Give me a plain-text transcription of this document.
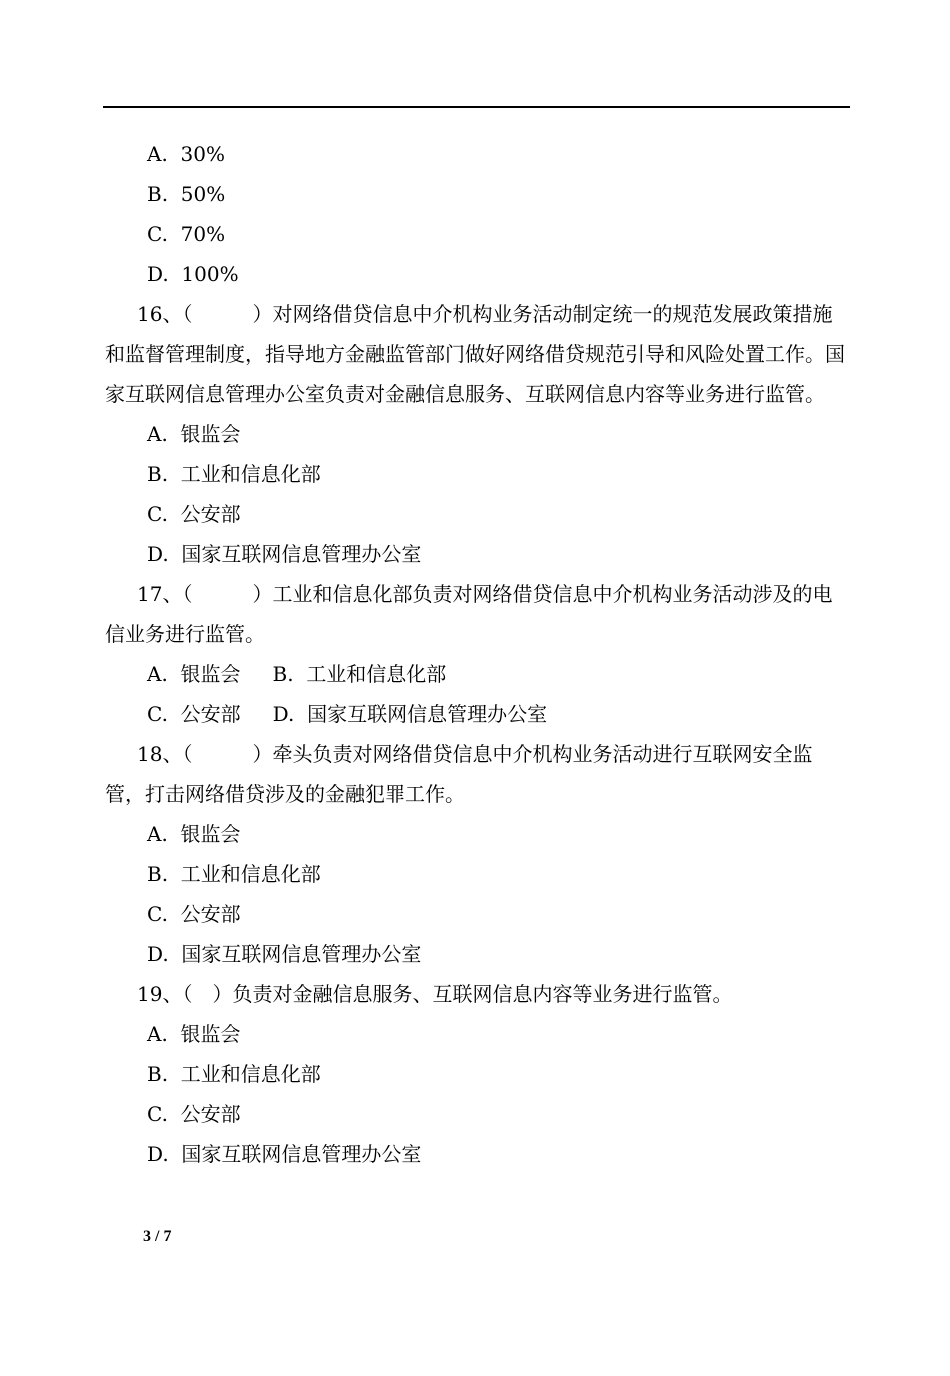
A. 30%
B. 50%
C. 70%
D. 100%
16、（　　　）对网络借贷信息中介机构业务活动制定统一的规范发展政策措施和监督管理制度，指导地方金融监管部门做好网络借贷规范引导和风险处置工作。国家互联网信息管理办公室负责对金融信息服务、互联网信息内容等业务进行监管。
A. 银监会
B. 工业和信息化部
C. 公安部
D. 国家互联网信息管理办公室
17、（　　　）工业和信息化部负责对网络借贷信息中介机构业务活动涉及的电信业务进行监管。
A. 银监会 B. 工业和信息化部
C. 公安部 D. 国家互联网信息管理办公室
18、（　　　）牵头负责对网络借贷信息中介机构业务活动进行互联网安全监管，打击网络借贷涉及的金融犯罪工作。
A. 银监会
B. 工业和信息化部
C. 公安部
D. 国家互联网信息管理办公室
19、（　）负责对金融信息服务、互联网信息内容等业务进行监管。
A. 银监会
B. 工业和信息化部
C. 公安部
D. 国家互联网信息管理办公室
3 / 7
